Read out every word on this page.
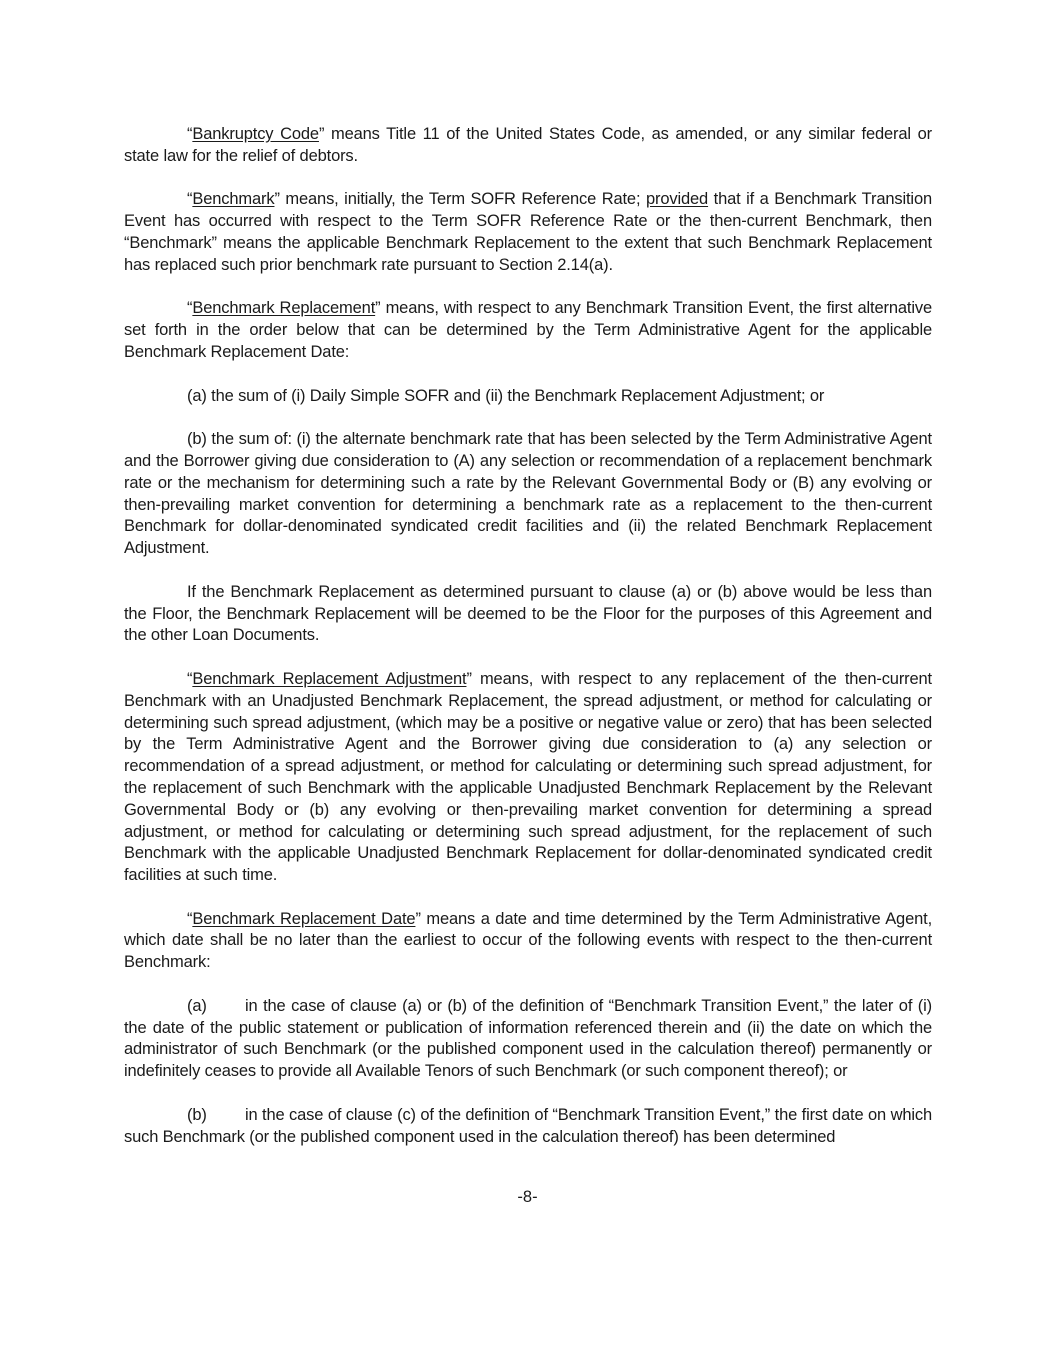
“Bankruptcy Code” means Title 11 of the United States Code, as amended, or any similar federal or state law for the relief of debtors.

“Benchmark” means, initially, the Term SOFR Reference Rate; provided that if a Benchmark Transition Event has occurred with respect to the Term SOFR Reference Rate or the then-current Benchmark, then “Benchmark” means the applicable Benchmark Replacement to the extent that such Benchmark Replacement has replaced such prior benchmark rate pursuant to Section 2.14(a).

“Benchmark Replacement” means, with respect to any Benchmark Transition Event, the first alternative set forth in the order below that can be determined by the Term Administrative Agent for the applicable Benchmark Replacement Date:

(a) the sum of (i) Daily Simple SOFR and (ii) the Benchmark Replacement Adjustment; or

(b) the sum of: (i) the alternate benchmark rate that has been selected by the Term Administrative Agent and the Borrower giving due consideration to (A) any selection or recommendation of a replacement benchmark rate or the mechanism for determining such a rate by the Relevant Governmental Body or (B) any evolving or then-prevailing market convention for determining a benchmark rate as a replacement to the then-current Benchmark for dollar-denominated syndicated credit facilities and (ii) the related Benchmark Replacement Adjustment.

If the Benchmark Replacement as determined pursuant to clause (a) or (b) above would be less than the Floor, the Benchmark Replacement will be deemed to be the Floor for the purposes of this Agreement and the other Loan Documents.

“Benchmark Replacement Adjustment” means, with respect to any replacement of the then-current Benchmark with an Unadjusted Benchmark Replacement, the spread adjustment, or method for calculating or determining such spread adjustment, (which may be a positive or negative value or zero) that has been selected by the Term Administrative Agent and the Borrower giving due consideration to (a) any selection or recommendation of a spread adjustment, or method for calculating or determining such spread adjustment, for the replacement of such Benchmark with the applicable Unadjusted Benchmark Replacement by the Relevant Governmental Body or (b) any evolving or then-prevailing market convention for determining a spread adjustment, or method for calculating or determining such spread adjustment, for the replacement of such Benchmark with the applicable Unadjusted Benchmark Replacement for dollar-denominated syndicated credit facilities at such time.

“Benchmark Replacement Date” means a date and time determined by the Term Administrative Agent, which date shall be no later than the earliest to occur of the following events with respect to the then-current Benchmark:

(a) in the case of clause (a) or (b) of the definition of “Benchmark Transition Event,” the later of (i) the date of the public statement or publication of information referenced therein and (ii) the date on which the administrator of such Benchmark (or the published component used in the calculation thereof) permanently or indefinitely ceases to provide all Available Tenors of such Benchmark (or such component thereof); or

(b) in the case of clause (c) of the definition of “Benchmark Transition Event,” the first date on which such Benchmark (or the published component used in the calculation thereof) has been determined

-8-
